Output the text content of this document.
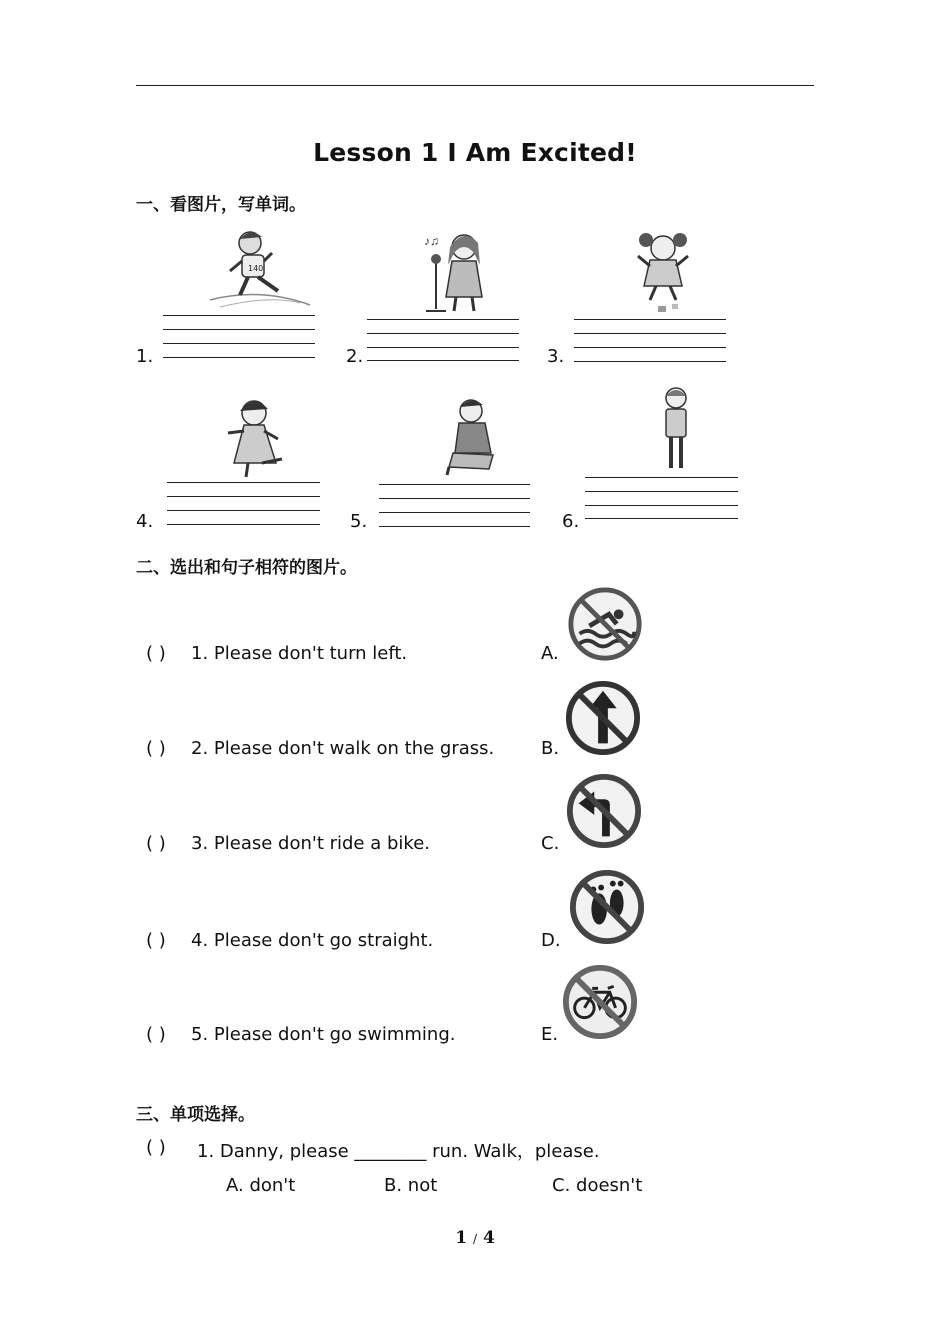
Lesson 1 I Am Excited!
一、看图片，写单词。
1.
140
2.
♪♫
3.
4.	5.	6.
二、选出和句子相符的图片。
( ) 1. Please don't turn left.	A.
( ) 2. Please don't walk on the grass.	B.
( ) 3. Please don't ride a bike.	C.
( ) 4. Please don't go straight.	D.
( ) 5. Please don't go swimming.	E.
三、单项选择。
( ) 1. Danny, please ________ run. Walk，please.
A. don't	B. not	C. doesn't
1 / 4
